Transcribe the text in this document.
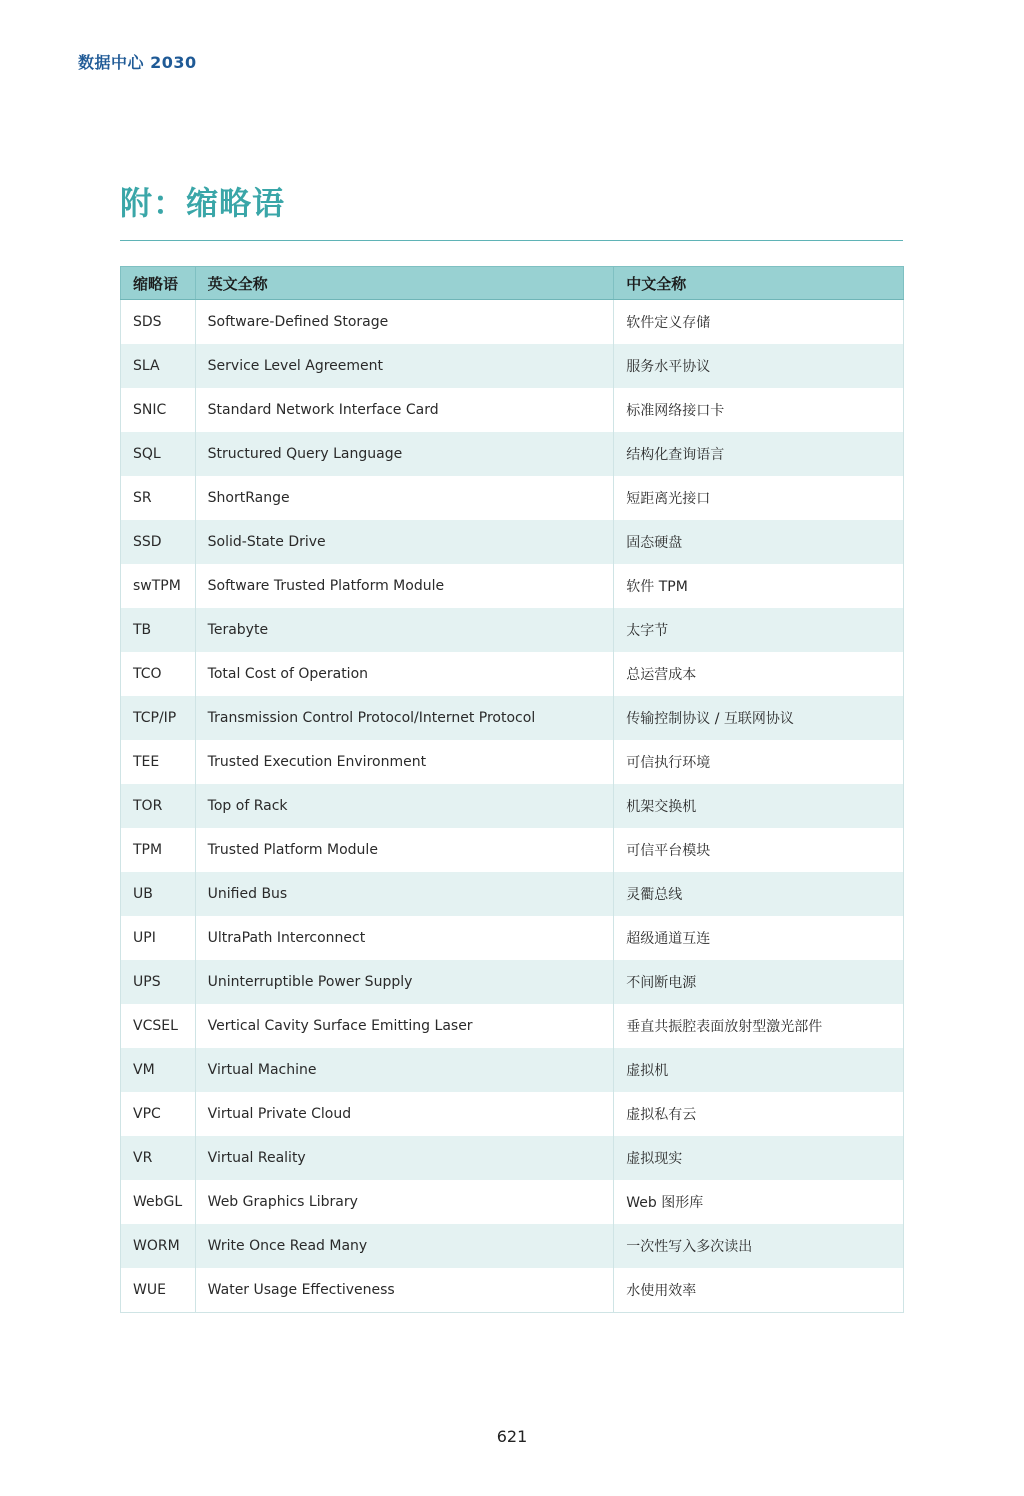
数据中心 2030
附：缩略语
缩略语	英文全称	中文全称
SDS	Software-Defined Storage	软件定义存储
SLA	Service Level Agreement	服务水平协议
SNIC	Standard Network Interface Card	标准网络接口卡
SQL	Structured Query Language	结构化查询语言
SR	ShortRange	短距离光接口
SSD	Solid-State Drive	固态硬盘
swTPM	Software Trusted Platform Module	软件 TPM
TB	Terabyte	太字节
TCO	Total Cost of Operation	总运营成本
TCP/IP	Transmission Control Protocol/Internet Protocol	传输控制协议 / 互联网协议
TEE	Trusted Execution Environment	可信执行环境
TOR	Top of Rack	机架交换机
TPM	Trusted Platform Module	可信平台模块
UB	Unified Bus	灵衢总线
UPI	UltraPath Interconnect	超级通道互连
UPS	Uninterruptible Power Supply	不间断电源
VCSEL	Vertical Cavity Surface Emitting Laser	垂直共振腔表面放射型激光部件
VM	Virtual Machine	虚拟机
VPC	Virtual Private Cloud	虚拟私有云
VR	Virtual Reality	虚拟现实
WebGL	Web Graphics Library	Web 图形库
WORM	Write Once Read Many	一次性写入多次读出
WUE	Water Usage Effectiveness	水使用效率
621
